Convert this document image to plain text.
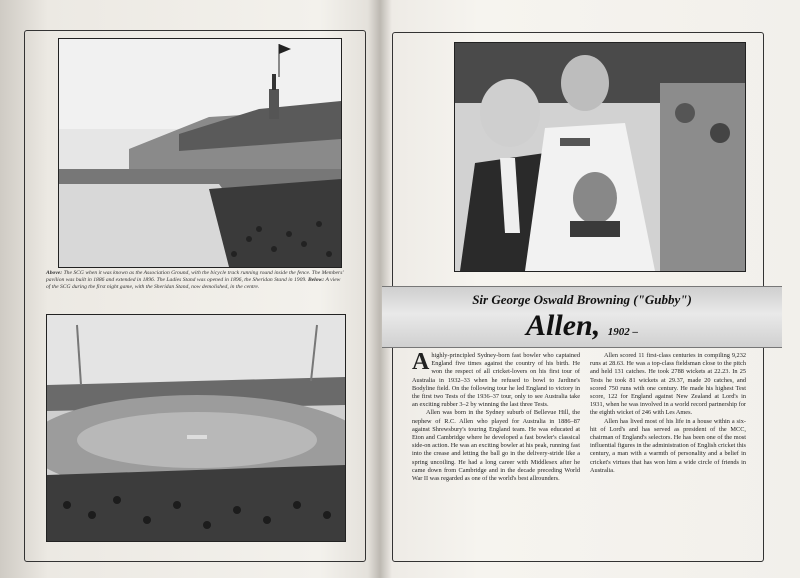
Above: The SCG when it was known as the Association Ground, with the bicycle track running round inside the fence. The Members' pavilion was built in 1886 and extended in 1896. The Ladies Stand was opened in 1896, the Sheridan Stand in 1909. Below: A view of the SCG during the first night game, with the Sheridan Stand, now demolished, in the centre.
Sir George Oswald Browning ("Gubby")
Allen, 1902 –

Ahighly-principled Sydney-born fast bowler who captained England five times against the country of his birth. He won the respect of all cricket-lovers on his first tour of Australia in 1932–33 when he refused to bowl to Jardine's Bodyline field. On the following tour he led England to victory in the first two Tests of the 1936–37 tour, only to see Australia take an exciting rubber 3–2 by winning the last three Tests.

Allen was born in the Sydney suburb of Bellevue Hill, the nephew of R.C. Allen who played for Australia in 1886–87 against Shrewsbury's touring England team. He was educated at Eton and Cambridge where he developed a fast bowler's classical side-on action. He was an exciting bowler at his peak, running fast into the crease and letting the ball go in the delivery-stride like a spring uncoiling. He had a long career with Middlesex after he came down from Cambridge and in the decade preceding World War II was regarded as one of the world's best allrounders.

Allen scored 11 first-class centuries in compiling 9,232 runs at 28.63. He was a top-class fieldsman close to the pitch and held 131 catches. He took 2788 wickets at 22.23. In 25 Tests he took 81 wickets at 29.37, made 20 catches, and scored 750 runs with one century. He made his highest Test score, 122 for England against New Zealand at Lord's in 1931, when he was involved in a world record partnership for the eighth wicket of 246 with Les Ames.

Allen has lived most of his life in a house within a six-hit of Lord's and has served as president of the MCC, chairman of England's selectors. He has been one of the most influential figures in the administration of English cricket this century, a man with a warmth of personality and a belief in cricket's virtues that has won him a wide circle of friends in Australia.
